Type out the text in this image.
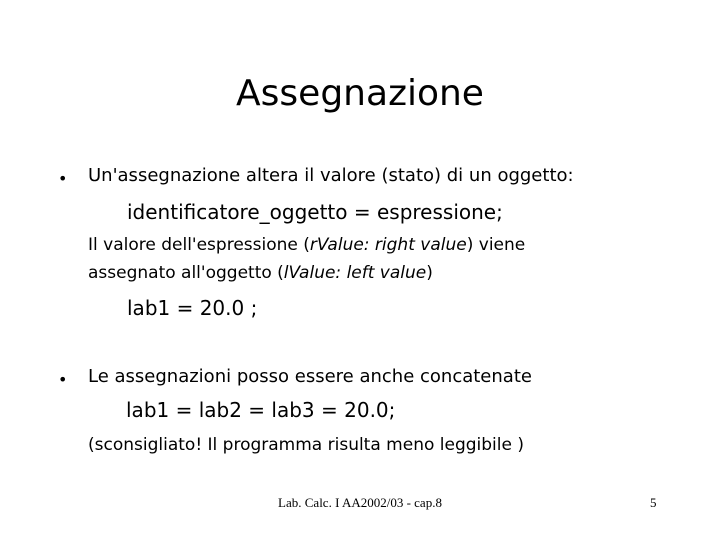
Assegnazione
• Un'assegnazione altera il valore (stato) di un oggetto:
identificatore_oggetto = espressione;
Il valore dell'espressione (rValue: right value) viene
assegnato all'oggetto (lValue: left value)
lab1 = 20.0 ;
• Le assegnazioni posso essere anche concatenate
lab1 = lab2 = lab3 = 20.0;
(sconsigliato! Il programma risulta meno leggibile )
Lab. Calc. I AA2002/03 - cap.8	5
